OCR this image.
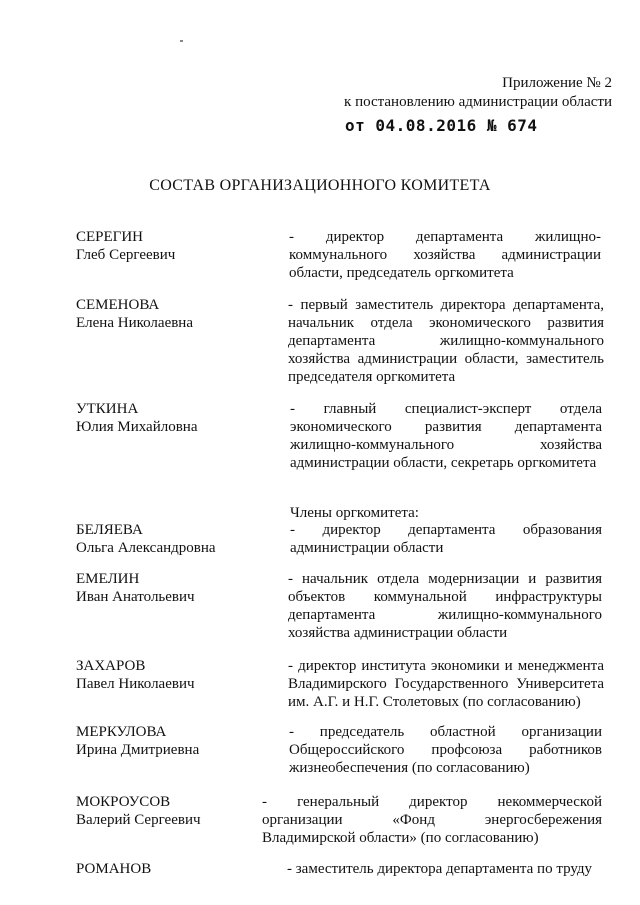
Приложение № 2
к постановлению администрации области
от 04.08.2016 № 674
СОСТАВ ОРГАНИЗАЦИОННОГО КОМИТЕТА
Члены оргкомитета:
СЕРЕГИН
Глеб Сергеевич
- директор департамента жилищно-
коммунального хозяйства администрации
области, председатель оргкомитета
СЕМЕНОВА
Елена Николаевна
- первый заместитель директора департамента,
начальник отдела экономического развития
департамента жилищно-коммунального
хозяйства администрации области, заместитель
председателя оргкомитета
УТКИНА
Юлия Михайловна
- главный специалист-эксперт отдела
экономического развития департамента
жилищно-коммунального хозяйства
администрации области, секретарь оргкомитета
БЕЛЯЕВА
Ольга Александровна
- директор департамента образования
администрации области
ЕМЕЛИН
Иван Анатольевич
- начальник отдела модернизации и развития
объектов коммунальной инфраструктуры
департамента жилищно-коммунального
хозяйства администрации области
ЗАХАРОВ
Павел Николаевич
- директор института экономики и менеджмента
Владимирского Государственного Университета
им. А.Г. и Н.Г. Столетовых (по согласованию)
МЕРКУЛОВА
Ирина Дмитриевна
- председатель областной организации
Общероссийского профсоюза работников
жизнеобеспечения (по согласованию)
МОКРОУСОВ
Валерий Сергеевич
- генеральный директор некоммерческой
организации «Фонд энергосбережения
Владимирской области» (по согласованию)
РОМАНОВ	- заместитель директора департамента по труду
